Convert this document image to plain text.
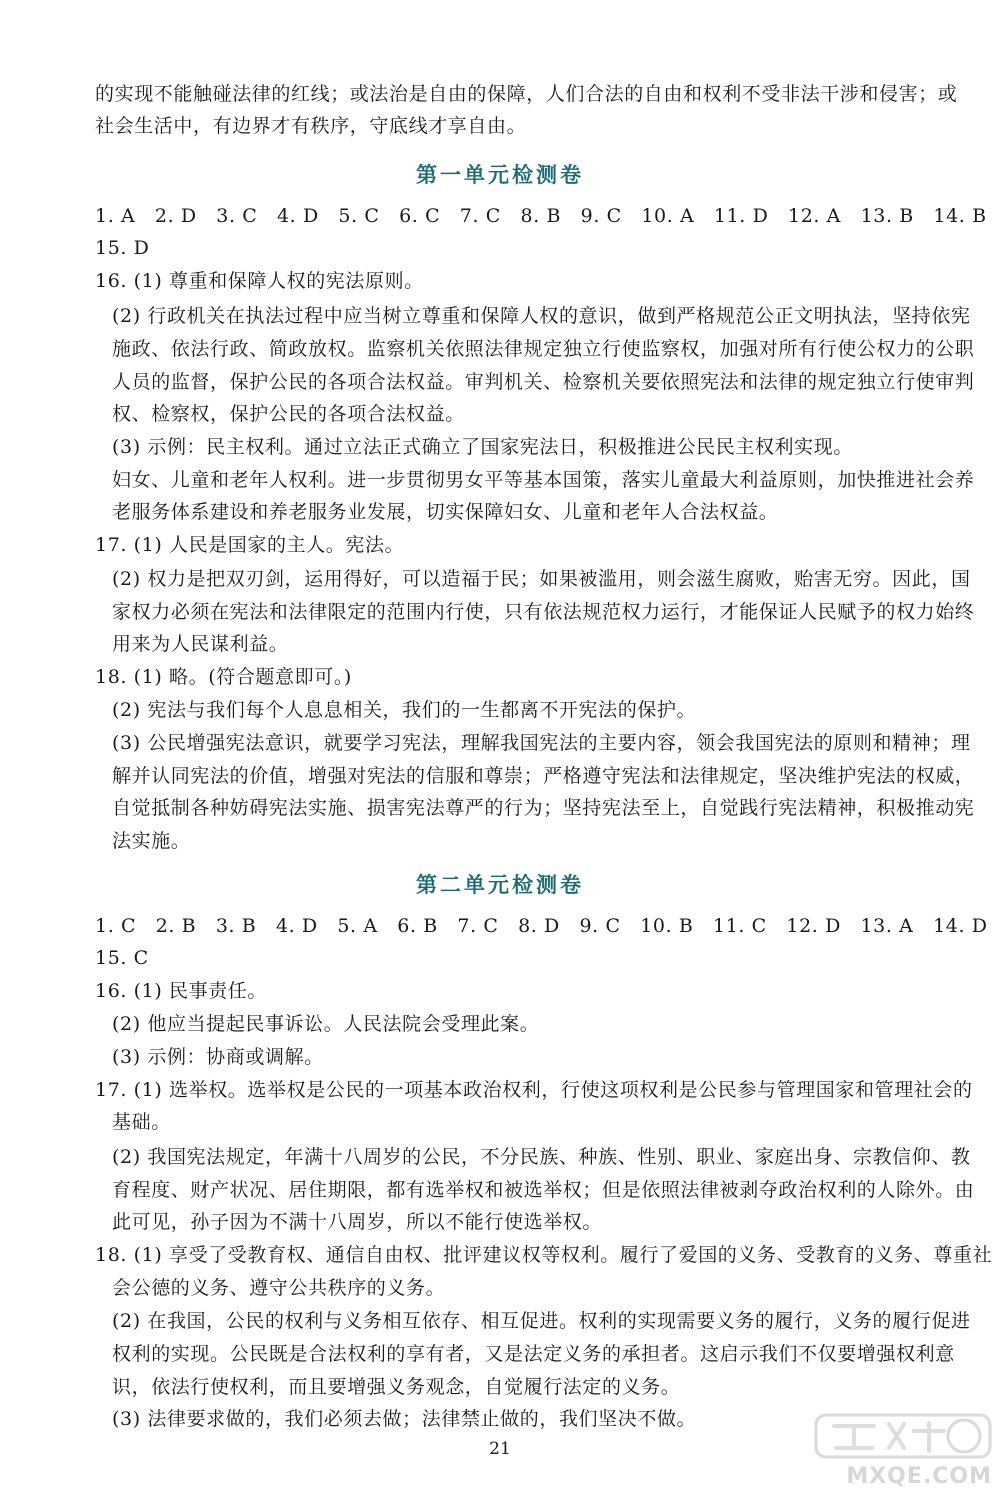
的实现不能触碰法律的红线；或法治是自由的保障，人们合法的自由和权利不受非法干涉和侵害；或
社会生活中，有边界才有秩序，守底线才享自由。
第一单元检测卷
1. A　2. D　3. C　4. D　5. C　6. C　7. C　8. B　9. C　10. A　11. D　12. A　13. B　14. B
15. D
16. (1) 尊重和保障人权的宪法原则。
(2) 行政机关在执法过程中应当树立尊重和保障人权的意识，做到严格规范公正文明执法，坚持依宪
施政、依法行政、简政放权。监察机关依照法律规定独立行使监察权，加强对所有行使公权力的公职
人员的监督，保护公民的各项合法权益。审判机关、检察机关要依照宪法和法律的规定独立行使审判
权、检察权，保护公民的各项合法权益。
(3) 示例：民主权利。通过立法正式确立了国家宪法日，积极推进公民民主权利实现。
妇女、儿童和老年人权利。进一步贯彻男女平等基本国策，落实儿童最大利益原则，加快推进社会养
老服务体系建设和养老服务业发展，切实保障妇女、儿童和老年人合法权益。
17. (1) 人民是国家的主人。宪法。
(2) 权力是把双刃剑，运用得好，可以造福于民；如果被滥用，则会滋生腐败，贻害无穷。因此，国
家权力必须在宪法和法律限定的范围内行使，只有依法规范权力运行，才能保证人民赋予的权力始终
用来为人民谋利益。
18. (1) 略。(符合题意即可。)
(2) 宪法与我们每个人息息相关，我们的一生都离不开宪法的保护。
(3) 公民增强宪法意识，就要学习宪法，理解我国宪法的主要内容，领会我国宪法的原则和精神；理
解并认同宪法的价值，增强对宪法的信服和尊崇；严格遵守宪法和法律规定，坚决维护宪法的权威，
自觉抵制各种妨碍宪法实施、损害宪法尊严的行为；坚持宪法至上，自觉践行宪法精神，积极推动宪
法实施。
第二单元检测卷
1. C　2. B　3. B　4. D　5. A　6. B　7. C　8. D　9. C　10. B　11. C　12. D　13. A　14. D
15. C
16. (1) 民事责任。
(2) 他应当提起民事诉讼。人民法院会受理此案。
(3) 示例：协商或调解。
17. (1) 选举权。选举权是公民的一项基本政治权利，行使这项权利是公民参与管理国家和管理社会的
基础。
(2) 我国宪法规定，年满十八周岁的公民，不分民族、种族、性别、职业、家庭出身、宗教信仰、教
育程度、财产状况、居住期限，都有选举权和被选举权；但是依照法律被剥夺政治权利的人除外。由
此可见，孙子因为不满十八周岁，所以不能行使选举权。
18. (1) 享受了受教育权、通信自由权、批评建议权等权利。履行了爱国的义务、受教育的义务、尊重社
会公德的义务、遵守公共秩序的义务。
(2) 在我国，公民的权利与义务相互依存、相互促进。权利的实现需要义务的履行，义务的履行促进
权利的实现。公民既是合法权利的享有者，又是法定义务的承担者。这启示我们不仅要增强权利意
识，依法行使权利，而且要增强义务观念，自觉履行法定的义务。
(3) 法律要求做的，我们必须去做；法律禁止做的，我们坚决不做。
21
MXQE.COM
